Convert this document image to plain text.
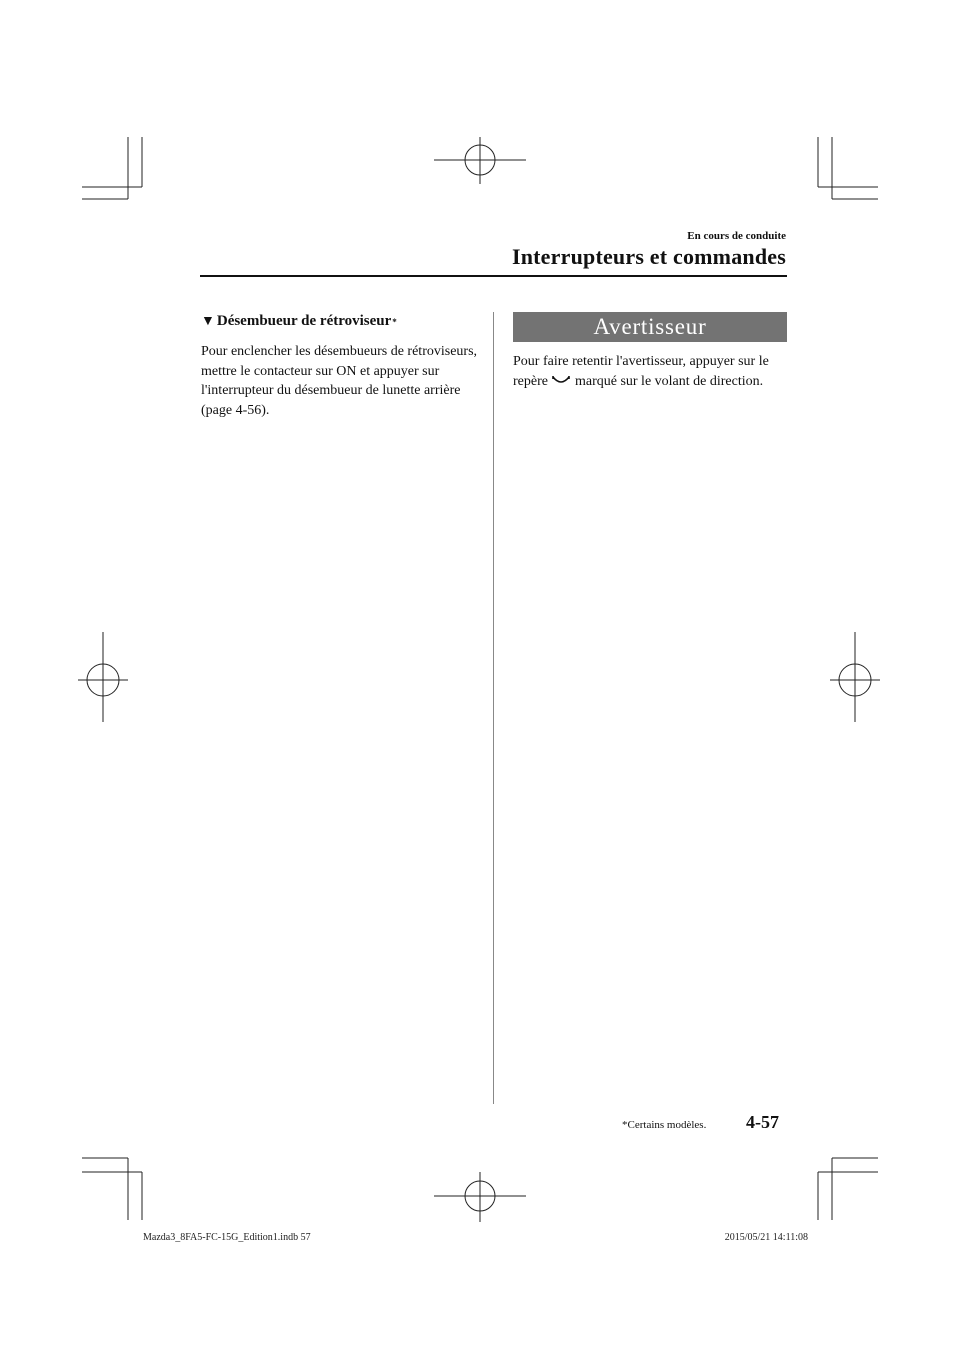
En cours de conduite
Interrupteurs et commandes
▼ Désembueur de rétroviseur *
Pour enclencher les désembueurs de rétroviseurs, mettre le contacteur sur ON et appuyer sur l'interrupteur du désembueur de lunette arrière (page 4-56).
Avertisseur
Pour faire retentir l'avertisseur, appuyer sur le repère marqué sur le volant de direction.
*Certains modèles. 4-57
Mazda3_8FA5-FC-15G_Edition1.indb 57	2015/05/21 14:11:08
